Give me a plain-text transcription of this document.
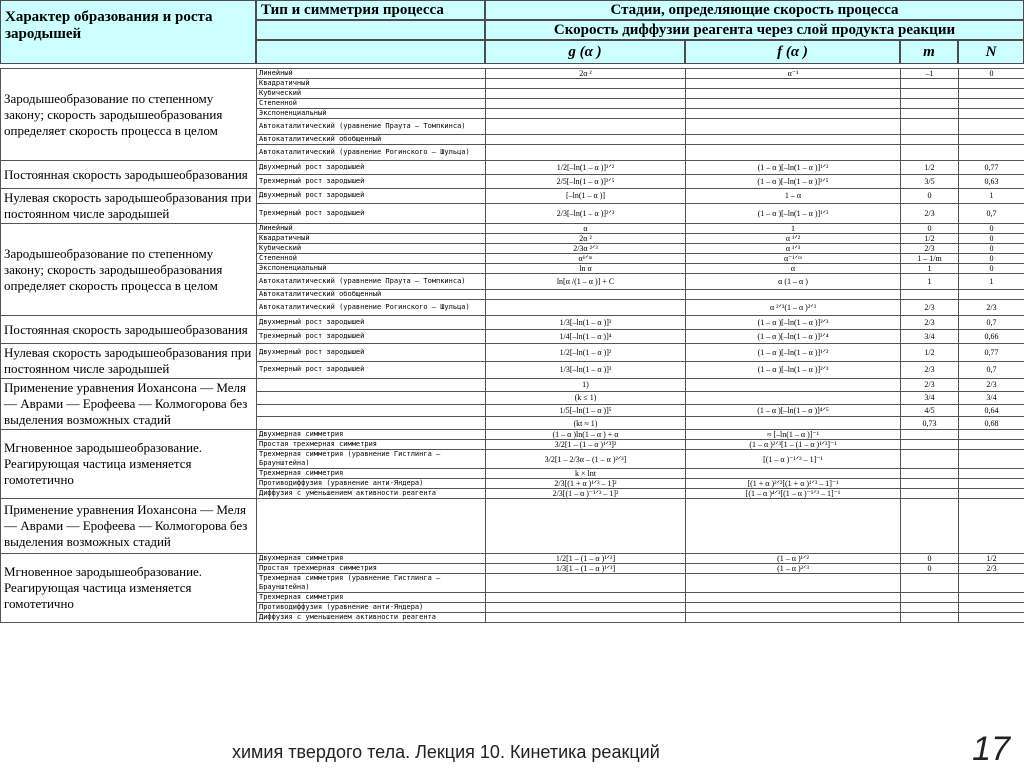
Характер образования и роста зародышей
Тип и симметрия процесса	Стадии, определяющие скорость процесса
Скорость диффузии реагента через слой продукта реакции
g (α )	f (α )	m	N
Зародышеобразование по степенному закону; скорость зародышеобразования определяет скорость процесса в целом	Линейный	2α ²	α⁻¹	–1	0
	Квадратичный				
	Кубический				
	Степенной				
	Экспоненциальный				
	Автокаталитический (уравнение Праута — Томпкинса)				
	Автокаталитический обобщенный				
	Автокаталитический (уравнение Рогинского — Шульца)				
Постоянная скорость зародышеобразования	Двухмерный рост зародышей	1/2[–ln(1 – α )]¹ᐟ²	(1 – α )[–ln(1 – α )]¹ᐟ²	1/2	0,77
	Трехмерный рост зародышей	2/5[–ln(1 – α )]²ᐟ⁵	(1 – α )[–ln(1 – α )]³ᐟ⁵	3/5	0,63
Нулевая скорость зародышеобразования при постоянном числе зародышей	Двухмерный рост зародышей	[–ln(1 – α )]	1 – α	0	1
	Трехмерный рост зародышей	2/3[–ln(1 – α )]²ᐟ³	(1 – α )[–ln(1 – α )]¹ᐟ³	2/3	0,7
Зародышеобразование по степенному закону; скорость зародышеобразования определяет скорость процесса в целом	Линейный	α	1	0	0
	Квадратичный	2α ²	α ¹ᐟ²	1/2	0
	Кубический	2/3α ²ᐟ³	α ¹ᐟ³	2/3	0
	Степенной	α¹ᐟᵐ	α⁻¹ᐟᵐ	1 – 1/m	0
	Экспоненциальный	ln α	α	1	0
	Автокаталитический (уравнение Праута — Томпкинса)	ln[α /(1 – α )] + C	α (1 – α )	1	1
	Автокаталитический обобщенный				
	Автокаталитический (уравнение Рогинского — Шульца)		α ²ᐟ³(1 – α )²ᐟ³	2/3	2/3
Постоянная скорость зародышеобразования	Двухмерный рост зародышей	1/3[–ln(1 – α )]³	(1 – α )[–ln(1 – α )]²ᐟ³	2/3	0,7
	Трехмерный рост зародышей	1/4[–ln(1 – α )]⁴	(1 – α )[–ln(1 – α )]³ᐟ⁴	3/4	0,66
Нулевая скорость зародышеобразования при постоянном числе зародышей	Двухмерный рост зародышей	1/2[–ln(1 – α )]²	(1 – α )[–ln(1 – α )]¹ᐟ²	1/2	0,77
	Трехмерный рост зародышей	1/3[–ln(1 – α )]³	(1 – α )[–ln(1 – α )]²ᐟ³	2/3	0,7
Применение уравнения Иохансона — Меля — Аврами — Ерофеева — Колмогорова без выделения возможных стадий		1)		2/3	2/3
		(k ≤ 1)		3/4	3/4
		1/5[–ln(1 – α )]⁵	(1 – α )[–ln(1 – α )]⁴ᐟ⁵	4/5	0,64
		(kt ≈ 1)		0,73	0,68
Мгновенное зародышеобразование. Реагирующая частица изменяется гомотетично	Двухмерная симметрия	(1 – α )ln(1 – α ) + α	≈ [–ln(1 – α )]⁻¹		
	Простая трехмерная симметрия	3/2[1 – (1 – α )¹ᐟ³]²	(1 – α )²ᐟ³[1 – (1 – α )¹ᐟ³]⁻¹		
	Трехмерная симметрия (уравнение Гистлинга — Браунштейна)	3/2[1 – 2/3α – (1 – α )²ᐟ³]	[(1 – α )⁻¹ᐟ³ – 1]⁻¹		
	Трехмерная симметрия	k × lnt			
	Противодиффузия (уравнение анти-Яндера)	2/3[(1 + α )¹ᐟ³ – 1]²	[(1 + α )²ᐟ³[(1 + α )¹ᐟ³ – 1]⁻¹		
	Диффузия с уменьшением активности реагента	2/3[(1 – α )⁻¹ᐟ³ – 1]²	[(1 – α )⁴ᐟ³[(1 – α )⁻¹ᐟ³ – 1]⁻¹		
Применение уравнения Иохансона — Меля — Аврами — Ерофеева — Колмогорова без выделения возможных стадий					
Мгновенное зародышеобразование. Реагирующая частица изменяется гомотетично	Двухмерная симметрия	1/2[1 – (1 – α )¹ᐟ²]	(1 – α )¹ᐟ²	0	1/2
	Простая трехмерная симметрия	1/3[1 – (1 – α )¹ᐟ³]	(1 – α )²ᐟ³	0	2/3
	Трехмерная симметрия (уравнение Гистлинга — Браунштейна)				
	Трехмерная симметрия				
	Противодиффузия (уравнение анти-Яндера)				
	Диффузия с уменьшением активности реагента				
химия твердого тела. Лекция 10. Кинетика реакций	17
